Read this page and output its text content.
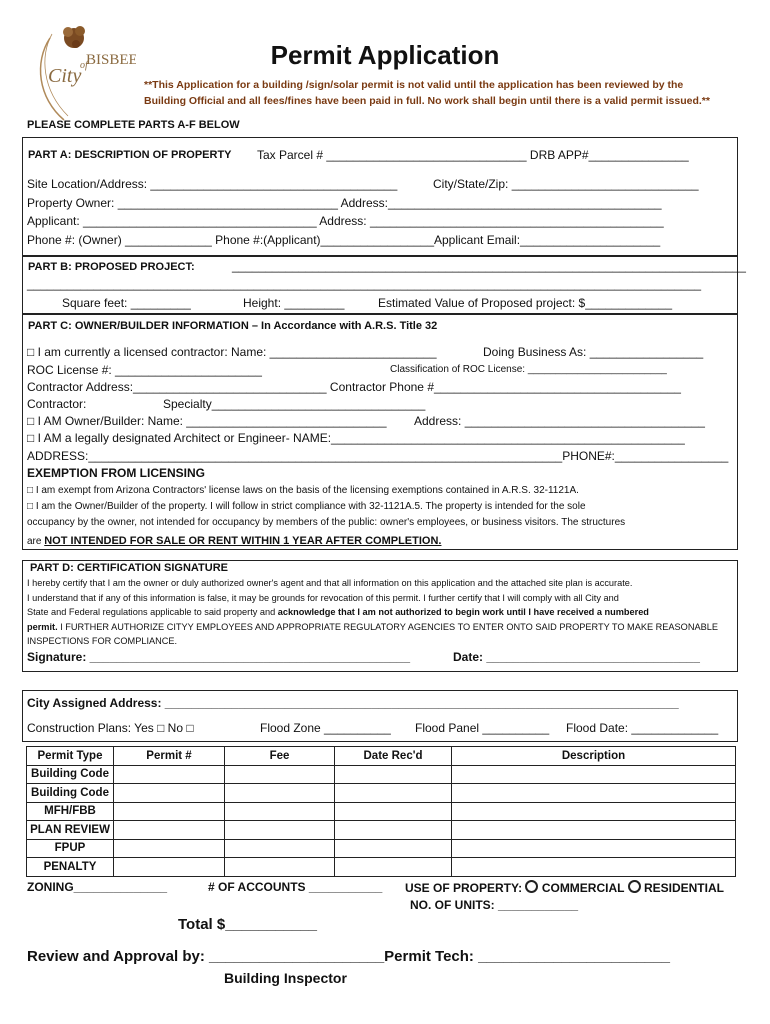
City
of
BISBEE	Permit Application
**This Application for a building /sign/solar permit is not valid until the application has been reviewed by the
Building Official and all fees/fines have been paid in full. No work shall begin until there is a valid permit issued.**
PLEASE COMPLETE PARTS A-F BELOW
PART A: DESCRIPTION OF PROPERTY Tax Parcel # ______________________________ DRB APP#_______________
Site Location/Address: _____________________________________	City/State/Zip: ____________________________
Property Owner: _________________________________ Address:_________________________________________
Applicant: ___________________________________ Address: ____________________________________________
Phone #: (Owner) _____________ Phone #:(Applicant)_________________Applicant Email:_____________________
PART B: PROPOSED PROJECT:	_____________________________________________________________________________
_____________________________________________________________________________________________________
Square feet: _________	Height: _________	Estimated Value of Proposed project: $_____________
PART C: OWNER/BUILDER INFORMATION – In Accordance with A.R.S. Title 32
□ I am currently a licensed contractor: Name: _________________________	Doing Business As: _________________
ROC License #: ______________________	Classification of ROC License: _________________________
Contractor Address:_____________________________ Contractor Phone #_____________________________________
Contractor:	Specialty________________________________
□ I AM Owner/Builder: Name: ______________________________ Address: ____________________________________
□ I AM a legally designated Architect or Engineer- NAME:_____________________________________________________
ADDRESS:_______________________________________________________________________PHONE#:_________________
EXEMPTION FROM LICENSING
□ I am exempt from Arizona Contractors' license laws on the basis of the licensing exemptions contained in A.R.S. 32-1121A.
□ I am the Owner/Builder of the property. I will follow in strict compliance with 32-1121A.5. The property is intended for the sole
occupancy by the owner, not intended for occupancy by members of the public: owner's employees, or business visitors. The structures
are NOT INTENDED FOR SALE OR RENT WITHIN 1 YEAR AFTER COMPLETION.
PART D: CERTIFICATION SIGNATURE
I hereby certify that I am the owner or duly authorized owner's agent and that all information on this application and the attached site plan is accurate.
I understand that if any of this information is false, it may be grounds for revocation of this permit. I further certify that I will comply with all City and
State and Federal regulations applicable to said property and acknowledge that I am not authorized to begin work until I have received a numbered
permit. I FURTHER AUTHORIZE CITYY EMPLOYEES AND APPROPRIATE REGULATORY AGENCIES TO ENTER ONTO SAID PROPERTY TO MAKE REASONABLE
INSPECTIONS FOR COMPLIANCE.
Signature: ________________________________________________	Date: ________________________________
City Assigned Address: _____________________________________________________________________________
Construction Plans: Yes □ No □	Flood Zone __________ Flood Panel __________ Flood Date: _____________
Permit Type	Permit #	Fee	Date Rec'd	Description
Building Code				
Building Code				
MFH/FBB				
PLAN REVIEW				
FPUP				
PENALTY				
ZONING______________	# OF ACCOUNTS ___________ USE OF PROPERTY: COMMERCIAL RESIDENTIAL
NO. OF UNITS: ____________
Total $___________
Review and Approval by: _____________________Permit Tech: _______________________
Building Inspector
